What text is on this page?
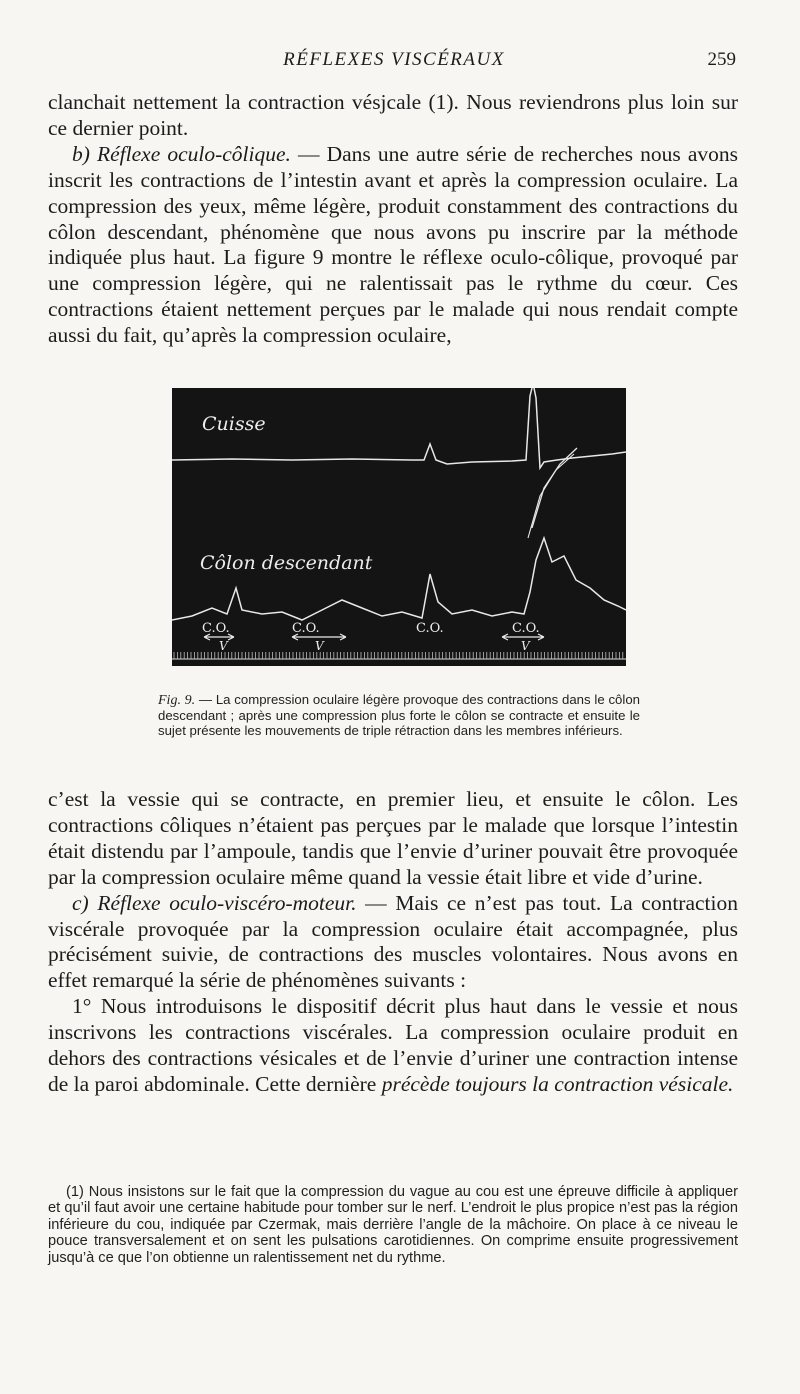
RÉFLEXES VISCÉRAUX	259

clanchait nettement la contraction vésjcale (1). Nous reviendrons plus loin sur ce dernier point.

b) Réflexe oculo-côlique. — Dans une autre série de recherches nous avons inscrit les contractions de l’intestin avant et après la compression oculaire. La compression des yeux, même légère, produit constamment des contractions du côlon descendant, phénomène que nous avons pu inscrire par la méthode indiquée plus haut. La figure 9 montre le réflexe oculo-côlique, provoqué par une compression légère, qui ne ralentissait pas le rythme du cœur. Ces contractions étaient nettement perçues par le malade qui nous rendait compte aussi du fait, qu’après la compression oculaire,

Cuisse
Côlon descendant
C.O.	C.O.	C.O.	C.O.
V	V	V
Fig. 9. — La compression oculaire légère provoque des contractions dans le côlon descendant ; après une compression plus forte le côlon se contracte et ensuite le sujet présente les mouvements de triple rétraction dans les membres inférieurs.

c’est la vessie qui se contracte, en premier lieu, et ensuite le côlon. Les contractions côliques n’étaient pas perçues par le malade que lorsque l’intestin était distendu par l’ampoule, tandis que l’envie d’uriner pouvait être provoquée par la compression oculaire même quand la vessie était libre et vide d’urine.

c) Réflexe oculo-viscéro-moteur. — Mais ce n’est pas tout. La contraction viscérale provoquée par la compression oculaire était accompagnée, plus précisément suivie, de contractions des muscles volontaires. Nous avons en effet remarqué la série de phénomènes suivants :

1° Nous introduisons le dispositif décrit plus haut dans le vessie et nous inscrivons les contractions viscérales. La compression oculaire produit en dehors des contractions vésicales et de l’envie d’uriner une contraction intense de la paroi abdominale. Cette dernière précède toujours la contraction vésicale.

(1) Nous insistons sur le fait que la compression du vague au cou est une épreuve difficile à appliquer et qu’il faut avoir une certaine habitude pour tomber sur le nerf. L’endroit le plus propice n’est pas la région inférieure du cou, indiquée par Czermak, mais derrière l’angle de la mâchoire. On place à ce niveau le pouce transversalement et on sent les pulsations carotidiennes. On comprime ensuite progressivement jusqu’à ce que l’on obtienne un ralentissement net du rythme.
